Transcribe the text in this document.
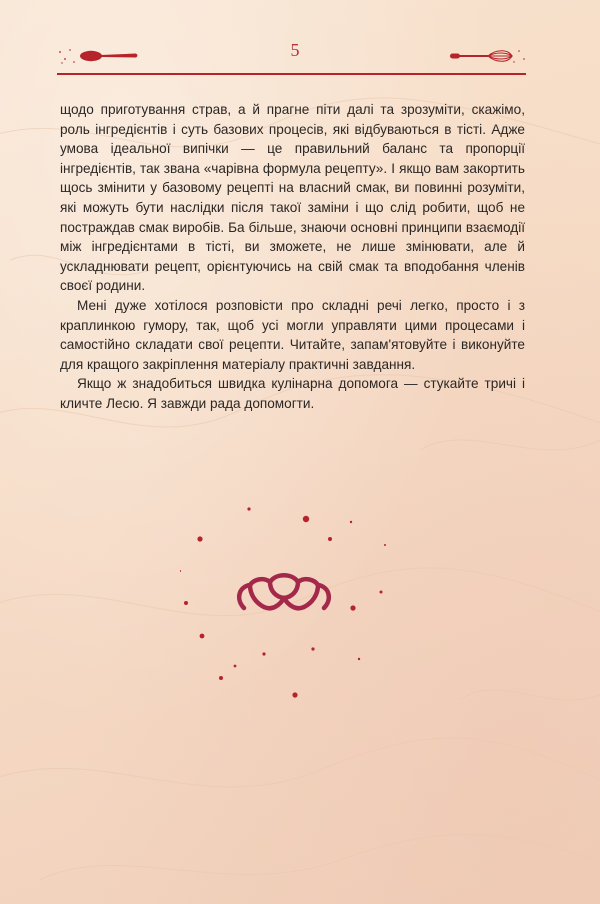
5

щодо приготування страв, а й прагне піти далі та зрозуміти, скажімо, роль інгредієнтів і суть базових процесів, які відбуваються в тісті. Адже умова ідеальної випічки — це правильний баланс та пропорції інгредієнтів, так звана «чарівна формула рецепту». І якщо вам закортить щось змінити у базовому рецепті на власний смак, ви повинні розуміти, які можуть бути наслідки після такої заміни і що слід робити, щоб не постраждав смак виробів. Ба більше, знаючи основні принципи взаємодії між інгредієнтами в тісті, ви зможете, не лише змінювати, але й ускладнювати рецепт, орієнтуючись на свій смак та вподобання членів своєї родини.

Мені дуже хотілося розповісти про складні речі легко, просто і з краплинкою гумору, так, щоб усі могли управляти цими процесами і самостійно складати свої рецепти. Читайте, запам'ятовуйте і виконуйте для кращого закріплення матеріалу практичні завдання.

Якщо ж знадобиться швидка кулінарна допомога — стукайте тричі і кличте Лесю. Я завжди рада допомогти.
